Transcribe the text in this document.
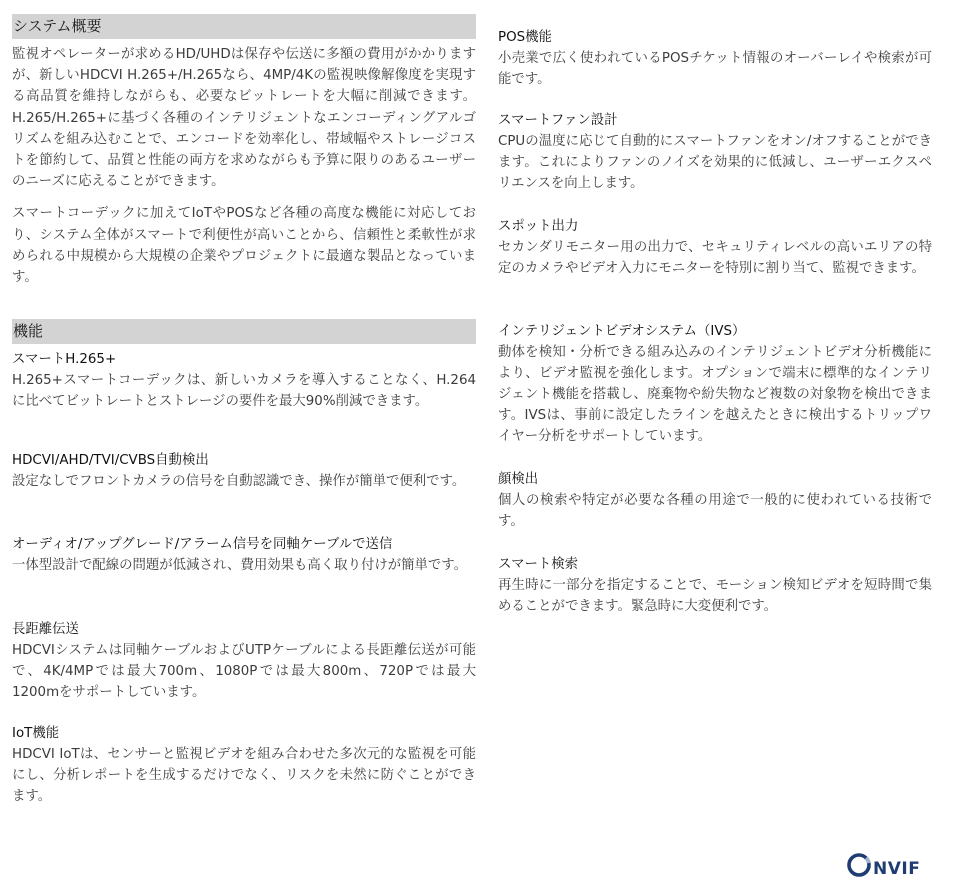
システム概要

監視オペレーターが求めるHD/UHDは保存や伝送に多額の費用がかかりますが、新しいHDCVI H.265+/H.265なら、4MP/4Kの監視映像解像度を実現する高品質を維持しながらも、必要なビットレートを大幅に削減できます。H.265/H.265+に基づく各種のインテリジェントなエンコーディングアルゴリズムを組み込むことで、エンコードを効率化し、帯域幅やストレージコストを節約して、品質と性能の両方を求めながらも予算に限りのあるユーザーのニーズに応えることができます。

スマートコーデックに加えてIoTやPOSなど各種の高度な機能に対応しており、システム全体がスマートで利便性が高いことから、信頼性と柔軟性が求められる中規模から大規模の企業やプロジェクトに最適な製品となっています。

機能

スマートH.265+

H.265+スマートコーデックは、新しいカメラを導入することなく、H.264に比べてビットレートとストレージの要件を最大90%削減できます。

HDCVI/AHD/TVI/CVBS自動検出

設定なしでフロントカメラの信号を自動認識でき、操作が簡単で便利です。

オーディオ/アップグレード/アラーム信号を同軸ケーブルで送信

一体型設計で配線の問題が低減され、費用効果も高く取り付けが簡単です。

長距離伝送

HDCVIシステムは同軸ケーブルおよびUTPケーブルによる長距離伝送が可能で、4K/4MPでは最大700m、1080Pでは最大800m、720Pでは最大1200mをサポートしています。

IoT機能

HDCVI IoTは、センサーと監視ビデオを組み合わせた多次元的な監視を可能にし、分析レポートを生成するだけでなく、リスクを未然に防ぐことができます。

POS機能

小売業で広く使われているPOSチケット情報のオーバーレイや検索が可能です。

スマートファン設計

CPUの温度に応じて自動的にスマートファンをオン/オフすることができます。これによりファンのノイズを効果的に低減し、ユーザーエクスペリエンスを向上します。

スポット出力

セカンダリモニター用の出力で、セキュリティレベルの高いエリアの特定のカメラやビデオ入力にモニターを特別に割り当て、監視できます。

インテリジェントビデオシステム（IVS）

動体を検知・分析できる組み込みのインテリジェントビデオ分析機能により、ビデオ監視を強化します。オプションで端末に標準的なインテリジェント機能を搭載し、廃棄物や紛失物など複数の対象物を検出できます。IVSは、事前に設定したラインを越えたときに検出するトリップワイヤー分析をサポートしています。

顔検出

個人の検索や特定が必要な各種の用途で一般的に使われている技術です。

スマート検索

再生時に一部分を指定することで、モーション検知ビデオを短時間で集めることができます。緊急時に大変便利です。

NVIF
